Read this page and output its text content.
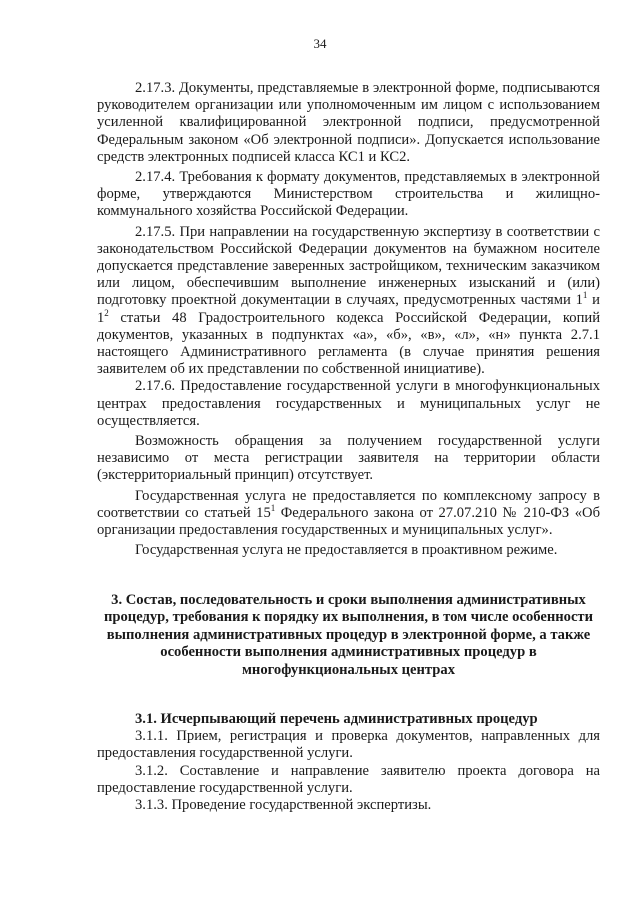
34

2.17.3. Документы, представляемые в электронной форме, подписываются руководителем организации или уполномоченным им лицом с использованием усиленной квалифицированной электронной подписи, предусмотренной Федеральным законом «Об электронной подписи». Допускается использование средств электронных подписей класса КС1 и КС2.

2.17.4. Требования к формату документов, представляемых в электронной форме, утверждаются Министерством строительства и жилищно-коммунального хозяйства Российской Федерации.

2.17.5. При направлении на государственную экспертизу в соответствии с законодательством Российской Федерации документов на бумажном носителе допускается представление заверенных застройщиком, техническим заказчиком или лицом, обеспечившим выполнение инженерных изысканий и (или) подготовку проектной документации в случаях, предусмотренных частями $1^1$ и $1^2$ статьи 48 Градостроительного кодекса Российской Федерации, копий документов, указанных в подпунктах «а», «б», «в», «л», «н» пункта 2.7.1 настоящего Административного регламента (в случае принятия решения заявителем об их представлении по собственной инициативе).

2.17.6. Предоставление государственной услуги в многофункциональных центрах предоставления государственных и муниципальных услуг не осуществляется.

Возможность обращения за получением государственной услуги независимо от места регистрации заявителя на территории области (экстерриториальный принцип) отсутствует.

Государственная услуга не предоставляется по комплексному запросу в соответствии со статьей $15^1$ Федерального закона от 27.07.210 № 210-ФЗ «Об организации предоставления государственных и муниципальных услуг».

Государственная услуга не предоставляется в проактивном режиме.

3. Состав, последовательность и сроки выполнения административных процедур, требования к порядку их выполнения, в том числе особенности выполнения административных процедур в электронной форме, а также особенности выполнения административных процедур в многофункциональных центрах

3.1. Исчерпывающий перечень административных процедур

3.1.1. Прием, регистрация и проверка документов, направленных для предоставления государственной услуги.

3.1.2. Составление и направление заявителю проекта договора на предоставление государственной услуги.

3.1.3. Проведение государственной экспертизы.
